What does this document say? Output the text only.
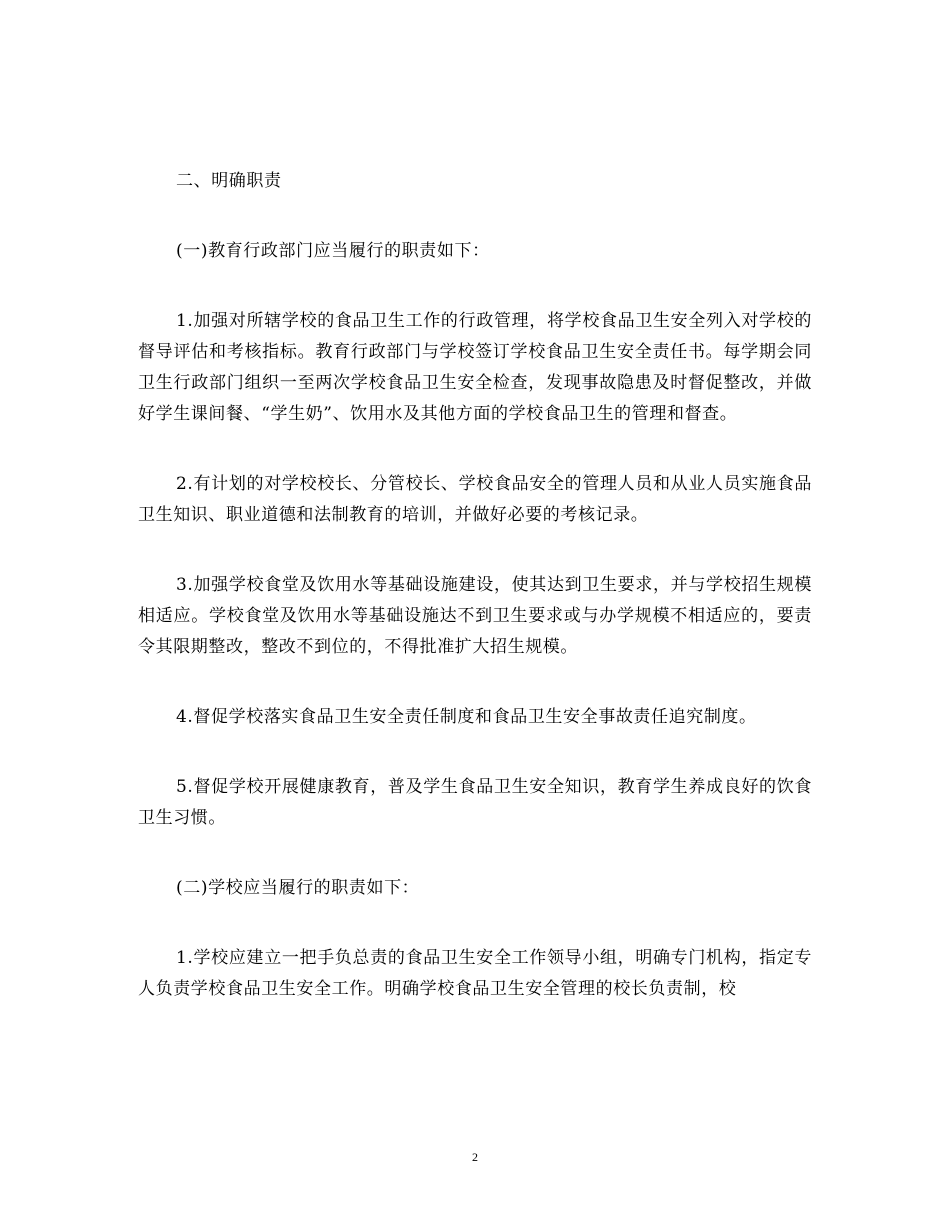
二、明确职责

(一)教育行政部门应当履行的职责如下：

1.加强对所辖学校的食品卫生工作的行政管理，将学校食品卫生安全列入对学校的督导评估和考核指标。教育行政部门与学校签订学校食品卫生安全责任书。每学期会同卫生行政部门组织一至两次学校食品卫生安全检查，发现事故隐患及时督促整改，并做好学生课间餐、“学生奶”、饮用水及其他方面的学校食品卫生的管理和督查。

2.有计划的对学校校长、分管校长、学校食品安全的管理人员和从业人员实施食品卫生知识、职业道德和法制教育的培训，并做好必要的考核记录。

3.加强学校食堂及饮用水等基础设施建设，使其达到卫生要求，并与学校招生规模相适应。学校食堂及饮用水等基础设施达不到卫生要求或与办学规模不相适应的，要责令其限期整改，整改不到位的，不得批准扩大招生规模。

4.督促学校落实食品卫生安全责任制度和食品卫生安全事故责任追究制度。

5.督促学校开展健康教育，普及学生食品卫生安全知识，教育学生养成良好的饮食卫生习惯。

(二)学校应当履行的职责如下：

1.学校应建立一把手负总责的食品卫生安全工作领导小组，明确专门机构，指定专人负责学校食品卫生安全工作。明确学校食品卫生安全管理的校长负责制，校

2
